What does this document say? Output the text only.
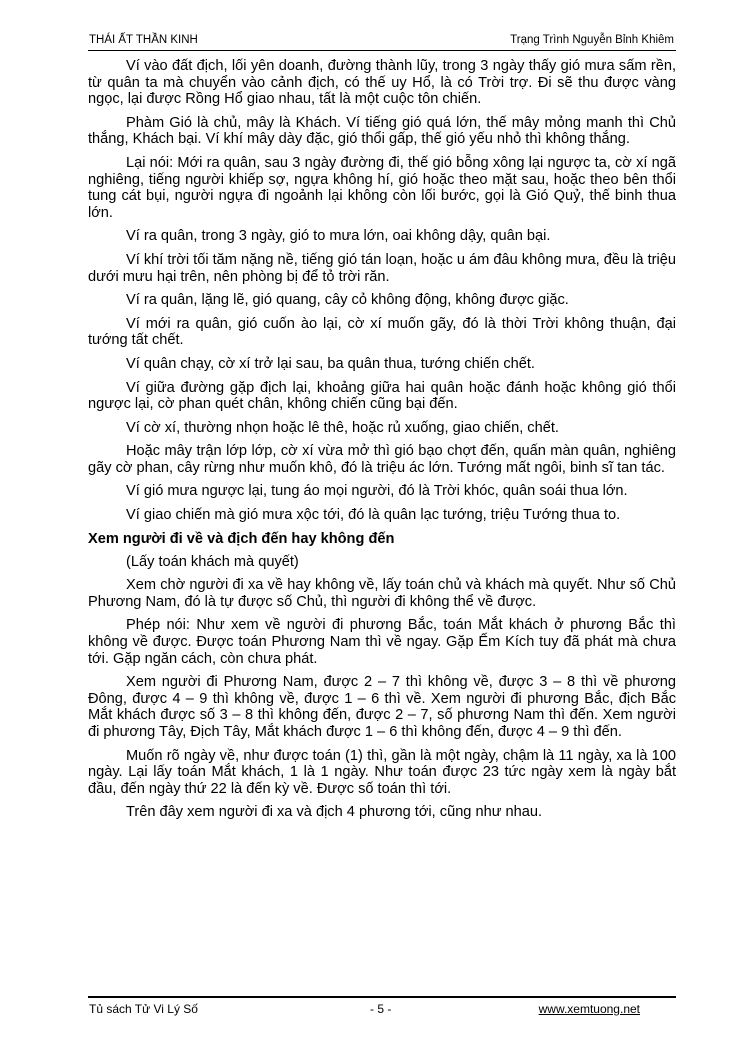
THÁI ẤT THẦN KINH	Trạng Trình Nguyễn Bỉnh Khiêm

Ví vào đất địch, lối yên doanh, đường thành lũy, trong 3 ngày thấy gió mưa sấm rền, từ quân ta mà chuyển vào cảnh địch, có thế uy Hổ, là có Trời trợ. Đi sẽ thu được vàng ngọc, lại được Rồng Hổ giao nhau, tất là một cuộc tôn chiến.

Phàm Gió là chủ, mây là Khách. Ví tiếng gió quá lớn, thế mây mỏng manh thì Chủ thắng, Khách bại. Ví khí mây dày đặc, gió thổi gấp, thế gió yếu nhỏ thì không thắng.

Lại nói: Mới ra quân, sau 3 ngày đường đi, thế gió bỗng xông lại ngược ta, cờ xí ngã nghiêng, tiếng người khiếp sợ, ngựa không hí, gió hoặc theo mặt sau, hoặc theo bên thổi tung cát bụi, người ngựa đi ngoảnh lại không còn lối bước, gọi là Gió Quỷ, thế binh thua lớn.

Ví ra quân, trong 3 ngày, gió to mưa lớn, oai không dậy, quân bại.

Ví khí trời tối tăm nặng nề, tiếng gió tán loạn, hoặc u ám đâu không mưa, đều là triệu dưới mưu hại trên, nên phòng bị để tỏ trời răn.

Ví ra quân, lặng lẽ, gió quang, cây cỏ không động, không được giặc.

Ví mới ra quân, gió cuốn ào lại, cờ xí muốn gãy, đó là thời Trời không thuận, đại tướng tất chết.

Ví quân chạy, cờ xí trở lại sau, ba quân thua, tướng chiến chết.

Ví giữa đường gặp địch lại, khoảng giữa hai quân hoặc đánh hoặc không gió thổi ngược lại, cờ phan quét chân, không chiến cũng bại đến.

Ví cờ xí, thường nhọn hoặc lê thê, hoặc rủ xuống, giao chiến, chết.

Hoặc mây trận lớp lớp, cờ xí vừa mở thì gió bạo chợt đến, quấn màn quân, nghiêng gãy cờ phan, cây rừng như muốn khô, đó là triệu ác lớn. Tướng mất ngôi, binh sĩ tan tác.

Ví gió mưa ngược lại, tung áo mọi người, đó là Trời khóc, quân soái thua lớn.

Ví giao chiến mà gió mưa xộc tới, đó là quân lạc tướng, triệu Tướng thua to.

Xem người đi về và địch đến hay không đến

(Lấy toán khách mà quyết)

Xem chờ người đi xa về hay không về, lấy toán chủ và khách mà quyết. Như số Chủ Phương Nam, đó là tự được số Chủ, thì người đi không thể về được.

Phép nói: Như xem về người đi phương Bắc, toán Mắt khách ở phương Bắc thì không về được. Được toán Phương Nam thì về ngay. Gặp Ếm Kích tuy đã phát mà chưa tới. Gặp ngăn cách, còn chưa phát.

Xem người đi Phương Nam, được 2 – 7 thì không về, được 3 – 8 thì về phương Đông, được 4 – 9 thì không về, được 1 – 6 thì về. Xem người đi phương Bắc, địch Bắc Mắt khách được số 3 – 8 thì không đến, được 2 – 7, số phương Nam thì đến. Xem người đi phương Tây, Địch Tây, Mắt khách được 1 – 6 thì không đến, được 4 – 9 thì đến.

Muốn rõ ngày về, như được toán (1) thì, gần là một ngày, chậm là 11 ngày, xa là 100 ngày. Lại lấy toán Mắt khách, 1 là 1 ngày. Như toán được 23 tức ngày xem là ngày bắt đầu, đến ngày thứ 22 là đến kỳ về. Được số toán thì tới.

Trên đây xem người đi xa và địch 4 phương tới, cũng như nhau.

Tủ sách Tử Vi Lý Số	- 5 -	www.xemtuong.net
